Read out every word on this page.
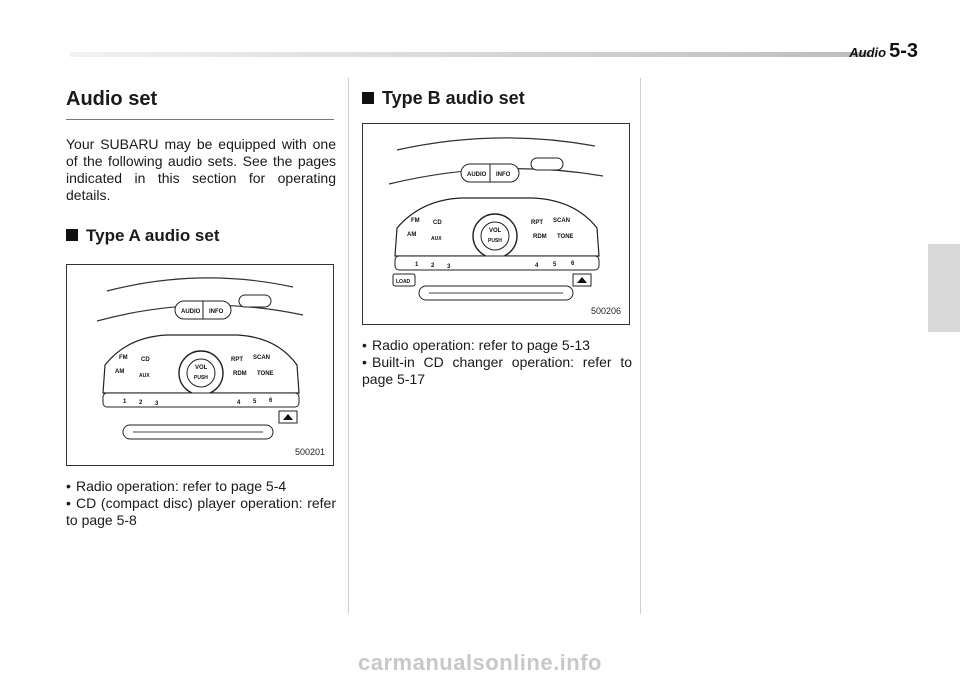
Audio 5-3
Audio set

Your SUBARU may be equipped with one of the following audio sets. See the pages indicated in this section for operating details.

Type A audio set
AUDIO INFO
VOL
PUSH
FM CD
AM
AUX
RPT SCAN
RDM TONE
1 2 3	4 5 6
500201
• Radio operation: refer to page 5-4
• CD (compact disc) player operation: refer to page 5-8
Type B audio set
AUDIO INFO
VOL
PUSH
FM CD
AM
AUX
RPT SCAN
RDM TONE
1 2 3	4 5 6
LOAD
500206
• Radio operation: refer to page 5-13
• Built-in CD changer operation: refer to page 5-17
carmanualsonline.info
